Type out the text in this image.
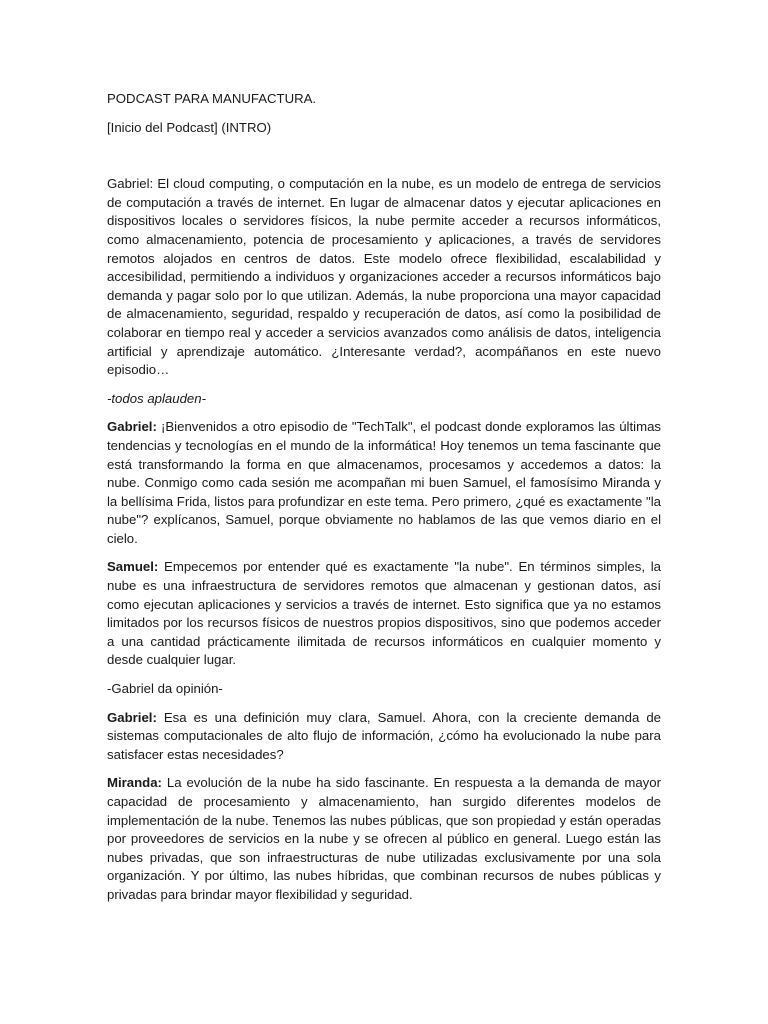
PODCAST PARA MANUFACTURA.

[Inicio del Podcast] (INTRO)

Gabriel: El cloud computing, o computación en la nube, es un modelo de entrega de servicios de computación a través de internet. En lugar de almacenar datos y ejecutar aplicaciones en dispositivos locales o servidores físicos, la nube permite acceder a recursos informáticos, como almacenamiento, potencia de procesamiento y aplicaciones, a través de servidores remotos alojados en centros de datos. Este modelo ofrece flexibilidad, escalabilidad y accesibilidad, permitiendo a individuos y organizaciones acceder a recursos informáticos bajo demanda y pagar solo por lo que utilizan. Además, la nube proporciona una mayor capacidad de almacenamiento, seguridad, respaldo y recuperación de datos, así como la posibilidad de colaborar en tiempo real y acceder a servicios avanzados como análisis de datos, inteligencia artificial y aprendizaje automático. ¿Interesante verdad?, acompáñanos en este nuevo episodio…

-todos aplauden-

Gabriel: ¡Bienvenidos a otro episodio de "TechTalk", el podcast donde exploramos las últimas tendencias y tecnologías en el mundo de la informática! Hoy tenemos un tema fascinante que está transformando la forma en que almacenamos, procesamos y accedemos a datos: la nube. Conmigo como cada sesión me acompañan mi buen Samuel, el famosísimo Miranda y la bellísima Frida, listos para profundizar en este tema. Pero primero, ¿qué es exactamente "la nube"? explícanos, Samuel, porque obviamente no hablamos de las que vemos diario en el cielo.

Samuel: Empecemos por entender qué es exactamente "la nube". En términos simples, la nube es una infraestructura de servidores remotos que almacenan y gestionan datos, así como ejecutan aplicaciones y servicios a través de internet. Esto significa que ya no estamos limitados por los recursos físicos de nuestros propios dispositivos, sino que podemos acceder a una cantidad prácticamente ilimitada de recursos informáticos en cualquier momento y desde cualquier lugar.

-Gabriel da opinión-

Gabriel: Esa es una definición muy clara, Samuel. Ahora, con la creciente demanda de sistemas computacionales de alto flujo de información, ¿cómo ha evolucionado la nube para satisfacer estas necesidades?

Miranda: La evolución de la nube ha sido fascinante. En respuesta a la demanda de mayor capacidad de procesamiento y almacenamiento, han surgido diferentes modelos de implementación de la nube. Tenemos las nubes públicas, que son propiedad y están operadas por proveedores de servicios en la nube y se ofrecen al público en general. Luego están las nubes privadas, que son infraestructuras de nube utilizadas exclusivamente por una sola organización. Y por último, las nubes híbridas, que combinan recursos de nubes públicas y privadas para brindar mayor flexibilidad y seguridad.
